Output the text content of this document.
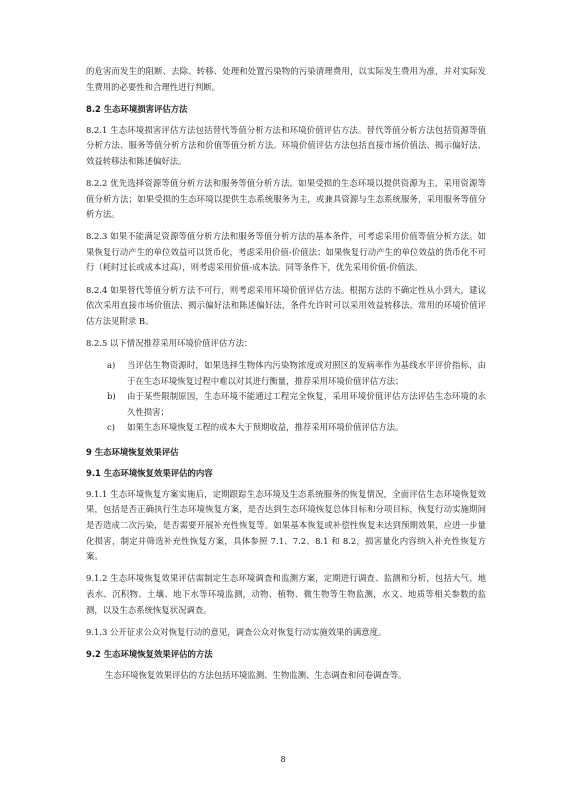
的危害而发生的阻断、去除、转移、处理和处置污染物的污染清理费用，以实际发生费用为准，并对实际发生费用的必要性和合理性进行判断。

8.2 生态环境损害评估方法

8.2.1 生态环境损害评估方法包括替代等值分析方法和环境价值评估方法。替代等值分析方法包括资源等值分析方法、服务等值分析方法和价值等值分析方法。环境价值评估方法包括直接市场价值法、揭示偏好法、效益转移法和陈述偏好法。

8.2.2 优先选择资源等值分析方法和服务等值分析方法。如果受损的生态环境以提供资源为主，采用资源等值分析方法；如果受损的生态环境以提供生态系统服务为主，或兼具资源与生态系统服务，采用服务等值分析方法。

8.2.3 如果不能满足资源等值分析方法和服务等值分析方法的基本条件，可考虑采用价值等值分析方法。如果恢复行动产生的单位效益可以货币化，考虑采用价值-价值法；如果恢复行动产生的单位效益的货币化不可行（耗时过长或成本过高），则考虑采用价值-成本法。同等条件下，优先采用价值-价值法。

8.2.4 如果替代等值分析方法不可行，则考虑采用环境价值评估方法。根据方法的不确定性从小到大，建议依次采用直接市场价值法、揭示偏好法和陈述偏好法，条件允许时可以采用效益转移法。常用的环境价值评估方法见附录 B。

8.2.5 以下情况推荐采用环境价值评估方法：

a) 当评估生物资源时，如果选择生物体内污染物浓度或对照区的发病率作为基线水平评价指标，由于在生态环境恢复过程中难以对其进行衡量，推荐采用环境价值评估方法；
b) 由于某些限制原因，生态环境不能通过工程完全恢复，采用环境价值评估方法评估生态环境的永久性损害；
c) 如果生态环境恢复工程的成本大于预期收益，推荐采用环境价值评估方法。
9 生态环境恢复效果评估
9.1 生态环境恢复效果评估的内容

9.1.1 生态环境恢复方案实施后，定期跟踪生态环境及生态系统服务的恢复情况，全面评估生态环境恢复效果，包括是否正确执行生态环境恢复方案，是否达到生态环境恢复总体目标和分项目标，恢复行动实施期间是否造成二次污染，是否需要开展补充性恢复等。如果基本恢复或补偿性恢复未达到预期效果，应进一步量化损害，制定并筛选补充性恢复方案，具体参照 7.1、7.2、8.1 和 8.2，损害量化内容纳入补充性恢复方案。

9.1.2 生态环境恢复效果评估需制定生态环境调查和监测方案，定期进行调查、监测和分析，包括大气、地表水、沉积物、土壤、地下水等环境监测，动物、植物、微生物等生物监测，水文、地质等相关参数的监测，以及生态系统恢复状况调查。

9.1.3 公开征求公众对恢复行动的意见，调查公众对恢复行动实施效果的满意度。

9.2 生态环境恢复效果评估的方法

生态环境恢复效果评估的方法包括环境监测、生物监测、生态调查和问卷调查等。

8
